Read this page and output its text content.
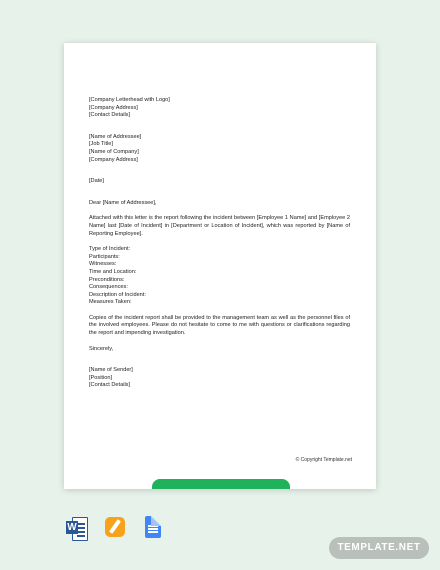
[Company Letterhead with Logo]
[Company Address]
[Contact Details]
[Name of Addressee]
[Job Title]
[Name of Company]
[Company Address]
[Date]
Dear [Name of Addressee],
Attached with this letter is the report following the incident between [Employee 1 Name] and [Employee 2 Name] last [Date of Incident] in [Department or Location of Incident], which was reported by [Name of Reporting Employee].
Type of Incident:
Participants:
Witnesses:
Time and Location:
Preconditions:
Consequences:
Description of Incident:
Measures Taken:
Copies of the incident report shall be provided to the management team as well as the personnel files of the involved employees. Please do not hesitate to come to me with questions or clarifications regarding the report and impending investigation.
Sincerely,
[Name of Sender]
[Position]
[Contact Details]
© Copyright Template.net
W
TEMPLATE.NET
